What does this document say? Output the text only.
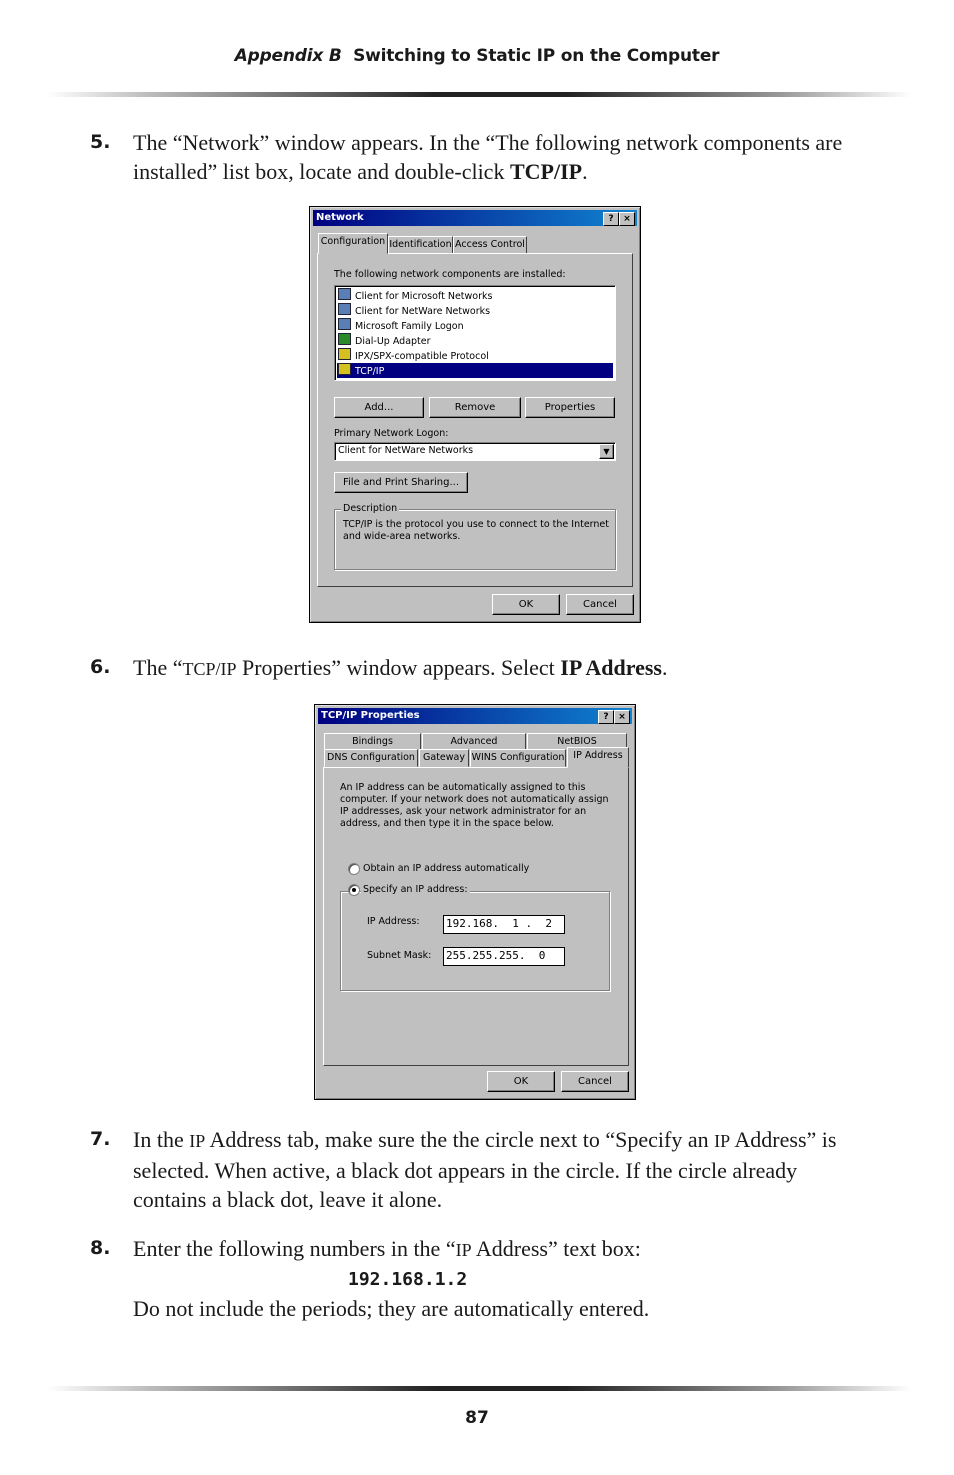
Appendix B Switching to Static IP on the Computer
5. The “Network” window appears. In the “The following network components are installed” list box, locate and double-click TCP/IP.
Network	?	×
Configuration Identification Access Control
The following network components are installed:
Client for Microsoft Networks
Client for NetWare Networks
Microsoft Family Logon
Dial-Up Adapter
IPX/SPX-compatible Protocol
TCP/IP
Add...	Remove	Properties
Primary Network Logon:
Client for NetWare Networks	▼
File and Print Sharing...
Description
TCP/IP is the protocol you use to connect to the Internet and wide-area networks.
OK	Cancel
6. The “TCP/IP Properties” window appears. Select IP Address.
TCP/IP Properties	?	×
Bindings	Advanced	NetBIOS
DNS Configuration Gateway WINS Configuration IP Address
An IP address can be automatically assigned to this computer. If your network does not automatically assign IP addresses, ask your network administrator for an address, and then type it in the space below.
Obtain an IP address automatically
Specify an IP address:
IP Address: 192.168.  1 .  2
Subnet Mask: 255.255.255.  0
OK	Cancel
7. In the IP Address tab, make sure the the circle next to “Specify an IP Address” is selected. When active, a black dot appears in the circle. If the circle already contains a black dot, leave it alone.
8. Enter the following numbers in the “IP Address” text box:
192.168.1.2
Do not include the periods; they are automatically entered.
87
